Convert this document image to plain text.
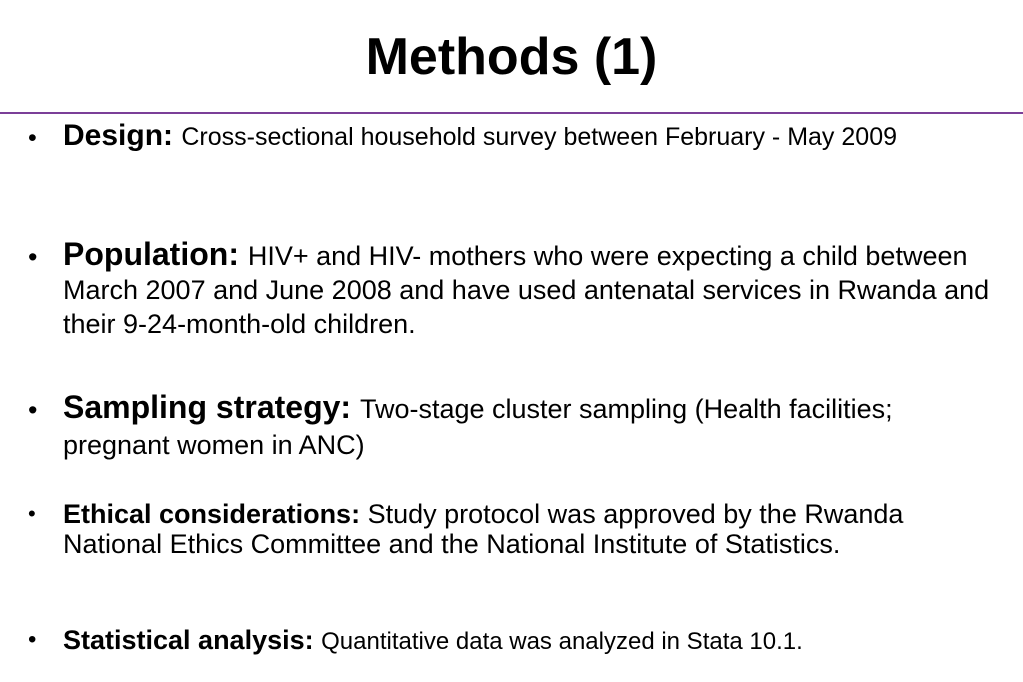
Methods (1)
• Design: Cross-sectional household survey between February - May 2009
• Population: HIV+ and HIV- mothers who were expecting a child between March 2007 and June 2008 and have used antenatal services in Rwanda and their 9-24-month-old children.
• Sampling strategy: Two-stage cluster sampling (Health facilities; pregnant women in ANC)
• Ethical considerations: Study protocol was approved by the Rwanda National Ethics Committee and the National Institute of Statistics.
• Statistical analysis: Quantitative data was analyzed in Stata 10.1.
